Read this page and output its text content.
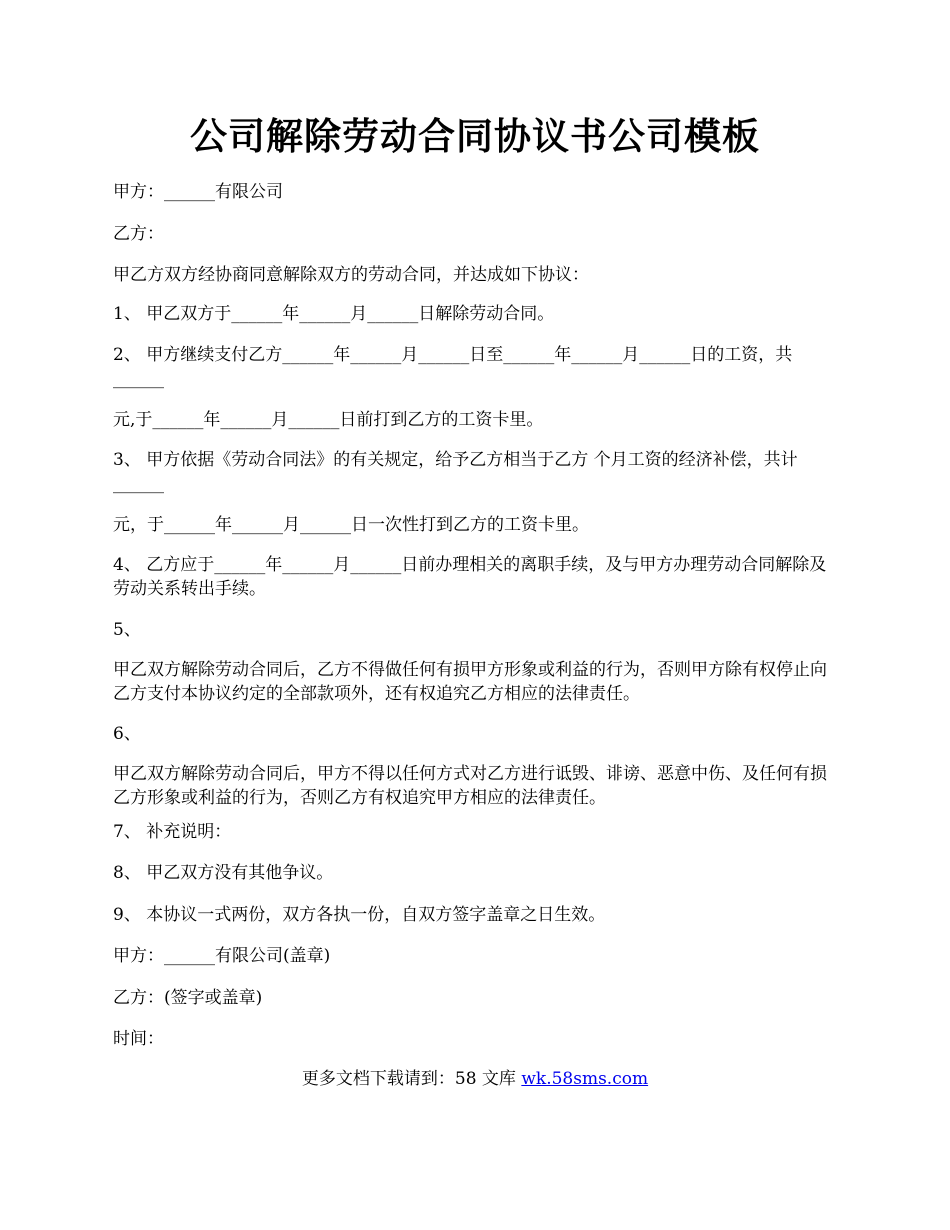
公司解除劳动合同协议书公司模板
甲方：______有限公司
乙方：
甲乙方双方经协商同意解除双方的劳动合同，并达成如下协议：
1、 甲乙双方于______年______月______日解除劳动合同。
2、 甲方继续支付乙方______年______月______日至______年______月______日的工资，共______
元,于______年______月______日前打到乙方的工资卡里。
3、 甲方依据《劳动合同法》的有关规定，给予乙方相当于乙方 个月工资的经济补偿，共计______
元，于______年______月______日一次性打到乙方的工资卡里。
4、 乙方应于______年______月______日前办理相关的离职手续，及与甲方办理劳动合同解除及劳动关系转出手续。
5、
甲乙双方解除劳动合同后，乙方不得做任何有损甲方形象或利益的行为，否则甲方除有权停止向乙方支付本协议约定的全部款项外，还有权追究乙方相应的法律责任。
6、
甲乙双方解除劳动合同后，甲方不得以任何方式对乙方进行诋毁、诽谤、恶意中伤、及任何有损乙方形象或利益的行为，否则乙方有权追究甲方相应的法律责任。
7、 补充说明：
8、 甲乙双方没有其他争议。
9、 本协议一式两份，双方各执一份，自双方签字盖章之日生效。
甲方：______有限公司(盖章)
乙方：(签字或盖章)
时间：
更多文档下载请到：58 文库 wk.58sms.com
